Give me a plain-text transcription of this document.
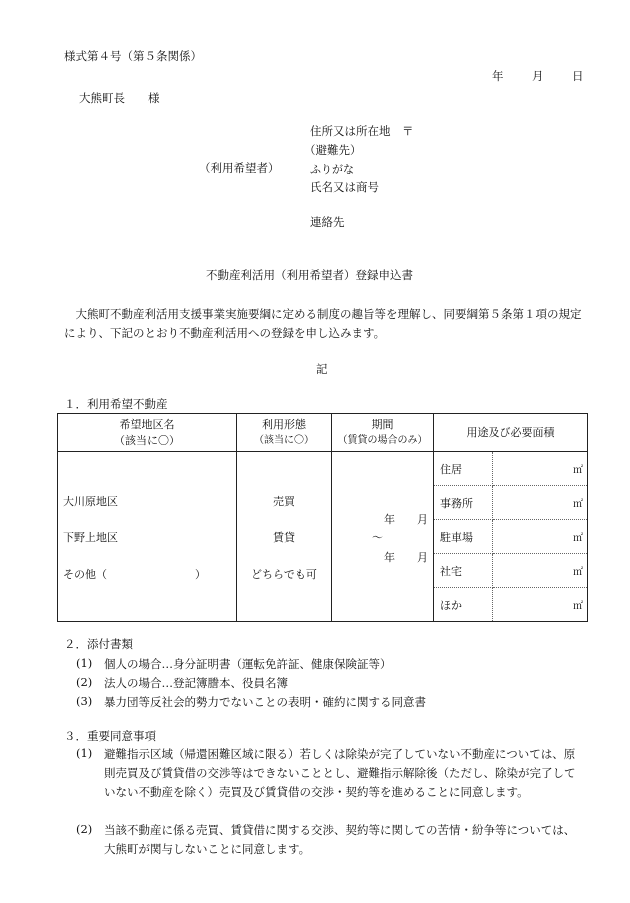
様式第４号（第５条関係）
年 月 日
大熊町長　　様
住所又は所在地　〒
（避難先）
（利用希望者）	ふりがな
氏名又は商号
連絡先
不動産利活用（利用希望者）登録申込書
　大熊町不動産利活用支援事業実施要綱に定める制度の趣旨等を理解し、同要綱第５条第１項の規定により、下記のとおり不動産利活用への登録を申し込みます。
記
１．利用希望不動産
希望地区名
（該当に〇）

利用形態
（該当に〇）

期間
（賃貸の場合のみ）
	用途及び必要面積

大川原地区
下野上地区
その他（　　　　　　　　）

売買
賃貸
どちらでも可

年　　月
〜
年　　月

住居	㎡
事務所	㎡
駐車場	㎡
社宅	㎡
ほか	㎡
２．添付書類
(1) 個人の場合…身分証明書（運転免許証、健康保険証等）
(2) 法人の場合…登記簿謄本、役員名簿
(3) 暴力団等反社会的勢力でないことの表明・確約に関する同意書
３．重要同意事項
(1) 避難指示区域（帰還困難区域に限る）若しくは除染が完了していない不動産については、原則売買及び賃貸借の交渉等はできないこととし、避難指示解除後（ただし、除染が完了していない不動産を除く）売買及び賃貸借の交渉・契約等を進めることに同意します。
(2) 当該不動産に係る売買、賃貸借に関する交渉、契約等に関しての苦情・紛争等については、大熊町が関与しないことに同意します。
